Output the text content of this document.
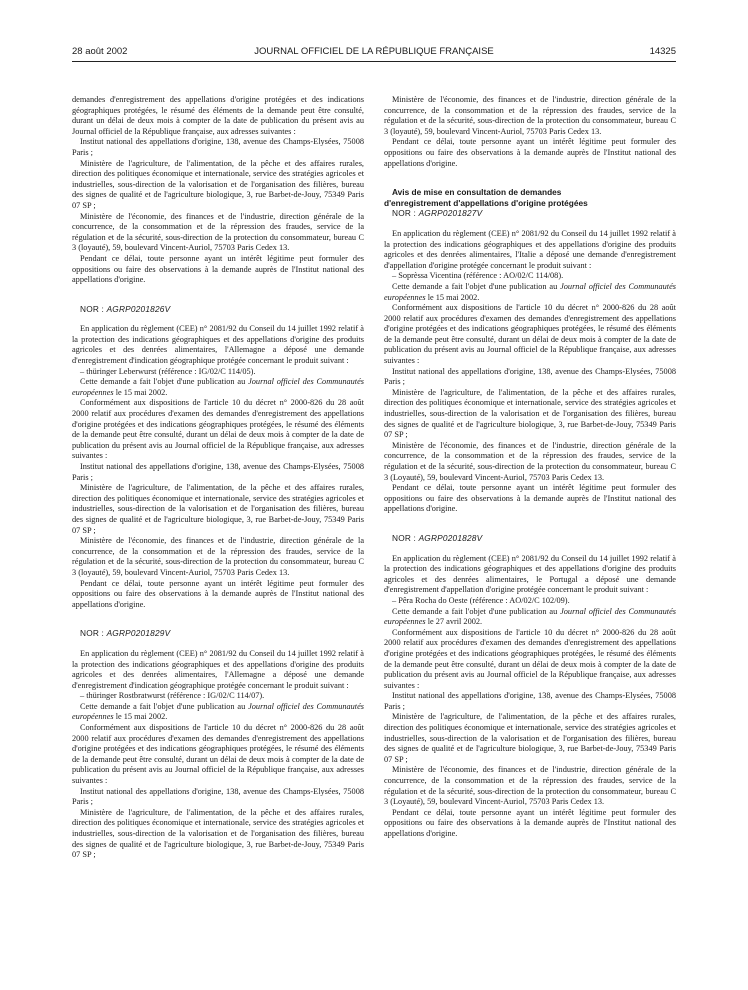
28 août 2002	JOURNAL OFFICIEL DE LA RÉPUBLIQUE FRANÇAISE	14325

demandes d'enregistrement des appellations d'origine protégées et des indications géographiques protégées, le résumé des éléments de la demande peut être consulté, durant un délai de deux mois à compter de la date de publication du présent avis au Journal officiel de la République française, aux adresses suivantes :

Institut national des appellations d'origine, 138, avenue des Champs-Elysées, 75008 Paris ;

Ministère de l'agriculture, de l'alimentation, de la pêche et des affaires rurales, direction des politiques économique et internationale, service des stratégies agricoles et industrielles, sous-direction de la valorisation et de l'organisation des filières, bureau des signes de qualité et de l'agriculture biologique, 3, rue Barbet-de-Jouy, 75349 Paris 07 SP ;

Ministère de l'économie, des finances et de l'industrie, direction générale de la concurrence, de la consommation et de la répression des fraudes, service de la régulation et de la sécurité, sous-direction de la protection du consommateur, bureau C 3 (loyauté), 59, boulevard Vincent-Auriol, 75703 Paris Cedex 13.

Pendant ce délai, toute personne ayant un intérêt légitime peut formuler des oppositions ou faire des observations à la demande auprès de l'Institut national des appellations d'origine.

NOR : AGRP0201826V

En application du règlement (CEE) n° 2081/92 du Conseil du 14 juillet 1992 relatif à la protection des indications géographiques et des appellations d'origine des produits agricoles et des denrées alimentaires, l'Allemagne a déposé une demande d'enregistrement d'indication géographique protégée concernant le produit suivant :

– thüringer Leberwurst (référence : IG/02/C 114/05).

Cette demande a fait l'objet d'une publication au Journal officiel des Communautés européennes le 15 mai 2002.

Conformément aux dispositions de l'article 10 du décret n° 2000-826 du 28 août 2000 relatif aux procédures d'examen des demandes d'enregistrement des appellations d'origine protégées et des indications géographiques protégées, le résumé des éléments de la demande peut être consulté, durant un délai de deux mois à compter de la date de publication du présent avis au Journal officiel de la République française, aux adresses suivantes :

Institut national des appellations d'origine, 138, avenue des Champs-Elysées, 75008 Paris ;

Ministère de l'agriculture, de l'alimentation, de la pêche et des affaires rurales, direction des politiques économique et internationale, service des stratégies agricoles et industrielles, sous-direction de la valorisation et de l'organisation des filières, bureau des signes de qualité et de l'agriculture biologique, 3, rue Barbet-de-Jouy, 75349 Paris 07 SP ;

Ministère de l'économie, des finances et de l'industrie, direction générale de la concurrence, de la consommation et de la répression des fraudes, service de la régulation et de la sécurité, sous-direction de la protection du consommateur, bureau C 3 (loyauté), 59, boulevard Vincent-Auriol, 75703 Paris Cedex 13.

Pendant ce délai, toute personne ayant un intérêt légitime peut formuler des oppositions ou faire des observations à la demande auprès de l'Institut national des appellations d'origine.

NOR : AGRP0201829V

En application du règlement (CEE) n° 2081/92 du Conseil du 14 juillet 1992 relatif à la protection des indications géographiques et des appellations d'origine des produits agricoles et des denrées alimentaires, l'Allemagne a déposé une demande d'enregistrement d'indication géographique protégée concernant le produit suivant :

– thüringer Rostbratwurst (référence : IG/02/C 114/07).

Cette demande a fait l'objet d'une publication au Journal officiel des Communautés européennes le 15 mai 2002.

Conformément aux dispositions de l'article 10 du décret n° 2000-826 du 28 août 2000 relatif aux procédures d'examen des demandes d'enregistrement des appellations d'origine protégées et des indications géographiques protégées, le résumé des éléments de la demande peut être consulté, durant un délai de deux mois à compter de la date de publication du présent avis au Journal officiel de la République française, aux adresses suivantes :

Institut national des appellations d'origine, 138, avenue des Champs-Elysées, 75008 Paris ;

Ministère de l'agriculture, de l'alimentation, de la pêche et des affaires rurales, direction des politiques économique et internationale, service des stratégies agricoles et industrielles, sous-direction de la valorisation et de l'organisation des filières, bureau des signes de qualité et de l'agriculture biologique, 3, rue Barbet-de-Jouy, 75349 Paris 07 SP ;

Ministère de l'économie, des finances et de l'industrie, direction générale de la concurrence, de la consommation et de la répression des fraudes, service de la régulation et de la sécurité, sous-direction de la protection du consommateur, bureau C 3 (loyauté), 59, boulevard Vincent-Auriol, 75703 Paris Cedex 13.

Pendant ce délai, toute personne ayant un intérêt légitime peut formuler des oppositions ou faire des observations à la demande auprès de l'Institut national des appellations d'origine.

Avis de mise en consultation de demandes
d'enregistrement d'appellations d'origine protégées

NOR : AGRP0201827V

En application du règlement (CEE) n° 2081/92 du Conseil du 14 juillet 1992 relatif à la protection des indications géographiques et des appellations d'origine des produits agricoles et des denrées alimentaires, l'Italie a déposé une demande d'enregistrement d'appellation d'origine protégée concernant le produit suivant :

– Soprèssa Vicentina (référence : AO/02/C 114/08).

Cette demande a fait l'objet d'une publication au Journal officiel des Communautés européennes le 15 mai 2002.

Conformément aux dispositions de l'article 10 du décret n° 2000-826 du 28 août 2000 relatif aux procédures d'examen des demandes d'enregistrement des appellations d'origine protégées et des indications géographiques protégées, le résumé des éléments de la demande peut être consulté, durant un délai de deux mois à compter de la date de publication du présent avis au Journal officiel de la République française, aux adresses suivantes :

Institut national des appellations d'origine, 138, avenue des Champs-Elysées, 75008 Paris ;

Ministère de l'agriculture, de l'alimentation, de la pêche et des affaires rurales, direction des politiques économique et internationale, service des stratégies agricoles et industrielles, sous-direction de la valorisation et de l'organisation des filières, bureau des signes de qualité et de l'agriculture biologique, 3, rue Barbet-de-Jouy, 75349 Paris 07 SP ;

Ministère de l'économie, des finances et de l'industrie, direction générale de la concurrence, de la consommation et de la répression des fraudes, service de la régulation et de la sécurité, sous-direction de la protection du consommateur, bureau C 3 (Loyauté), 59, boulevard Vincent-Auriol, 75703 Paris Cedex 13.

Pendant ce délai, toute personne ayant un intérêt légitime peut formuler des oppositions ou faire des observations à la demande auprès de l'Institut national des appellations d'origine.

NOR : AGRP0201828V

En application du règlement (CEE) n° 2081/92 du Conseil du 14 juillet 1992 relatif à la protection des indications géographiques et des appellations d'origine des produits agricoles et des denrées alimentaires, le Portugal a déposé une demande d'enregistrement d'appellation d'origine protégée concernant le produit suivant :

– Pêra Rocha do Oeste (référence : AO/02/C 102/09).

Cette demande a fait l'objet d'une publication au Journal officiel des Communautés européennes le 27 avril 2002.

Conformément aux dispositions de l'article 10 du décret n° 2000-826 du 28 août 2000 relatif aux procédures d'examen des demandes d'enregistrement des appellations d'origine protégées et des indications géographiques protégées, le résumé des éléments de la demande peut être consulté, durant un délai de deux mois à compter de la date de publication du présent avis au Journal officiel de la République française, aux adresses suivantes :

Institut national des appellations d'origine, 138, avenue des Champs-Elysées, 75008 Paris ;

Ministère de l'agriculture, de l'alimentation, de la pêche et des affaires rurales, direction des politiques économique et internationale, service des stratégies agricoles et industrielles, sous-direction de la valorisation et de l'organisation des filières, bureau des signes de qualité et de l'agriculture biologique, 3, rue Barbet-de-Jouy, 75349 Paris 07 SP ;

Ministère de l'économie, des finances et de l'industrie, direction générale de la concurrence, de la consommation et de la répression des fraudes, service de la régulation et de la sécurité, sous-direction de la protection du consommateur, bureau C 3 (Loyauté), 59, boulevard Vincent-Auriol, 75703 Paris Cedex 13.

Pendant ce délai, toute personne ayant un intérêt légitime peut formuler des oppositions ou faire des observations à la demande auprès de l'Institut national des appellations d'origine.
